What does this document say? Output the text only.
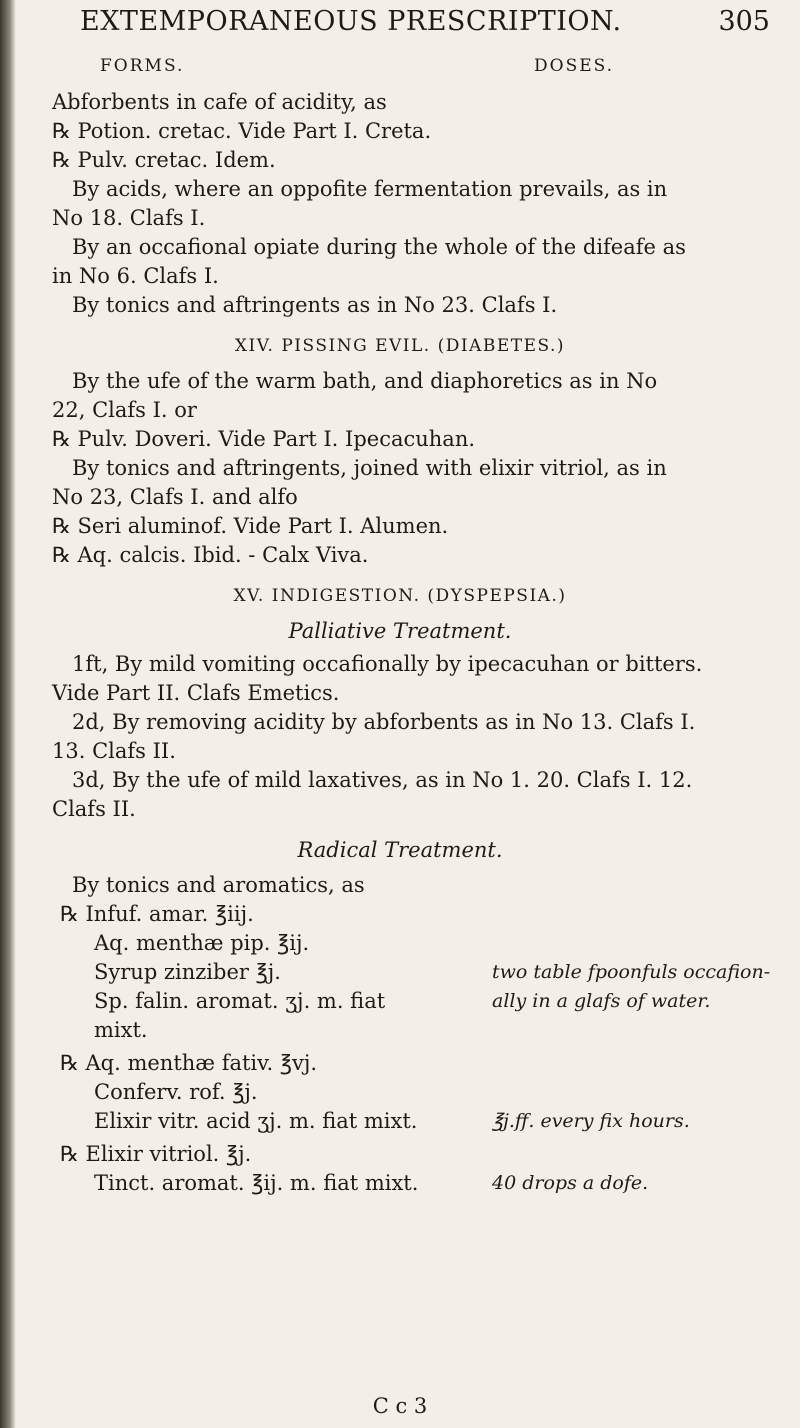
EXTEMPORANEOUS PRESCRIPTION.	305
FORMS.	DOSES.
Abforbents in cafe of acidity, as
℞ Potion. cretac. Vide Part I. Creta.
℞ Pulv. cretac. Idem.
By acids, where an oppofite fermentation prevails, as in
No 18. Clafs I.
By an occafional opiate during the whole of the difeafe as
in No 6. Clafs I.
By tonics and aftringents as in No 23. Clafs I.
XIV. PISSING EVIL. (DIABETES.)
By the ufe of the warm bath, and diaphoretics as in No
22, Clafs I. or
℞ Pulv. Doveri. Vide Part I. Ipecacuhan.
By tonics and aftringents, joined with elixir vitriol, as in
No 23, Clafs I. and alfo
℞ Seri aluminof. Vide Part I. Alumen.
℞ Aq. calcis. Ibid. - Calx Viva.
XV. INDIGESTION. (DYSPEPSIA.)
Palliative Treatment.
1ft, By mild vomiting occafionally by ipecacuhan or bitters.
Vide Part II. Clafs Emetics.
2d, By removing acidity by abforbents as in No 13. Clafs I.
13. Clafs II.
3d, By the ufe of mild laxatives, as in No 1. 20. Clafs I. 12.
Clafs II.
Radical Treatment.
By tonics and aromatics, as
℞ Infuf. amar. ℥iij.
Aq. menthæ pip. ℥ij.
Syrup zinziber ℥j.	two table fpoonfuls occafion-
Sp. falin. aromat. ʒj. m. fiat	ally in a glafs of water.
mixt.
℞ Aq. menthæ fativ. ℥vj.
Conferv. rof. ℥j.
Elixir vitr. acid ʒj. m. fiat mixt.	℥j.ff. every fix hours.
℞ Elixir vitriol. ℥j.
Tinct. aromat. ℥ij. m. fiat mixt.	40 drops a dofe.
C c 3
